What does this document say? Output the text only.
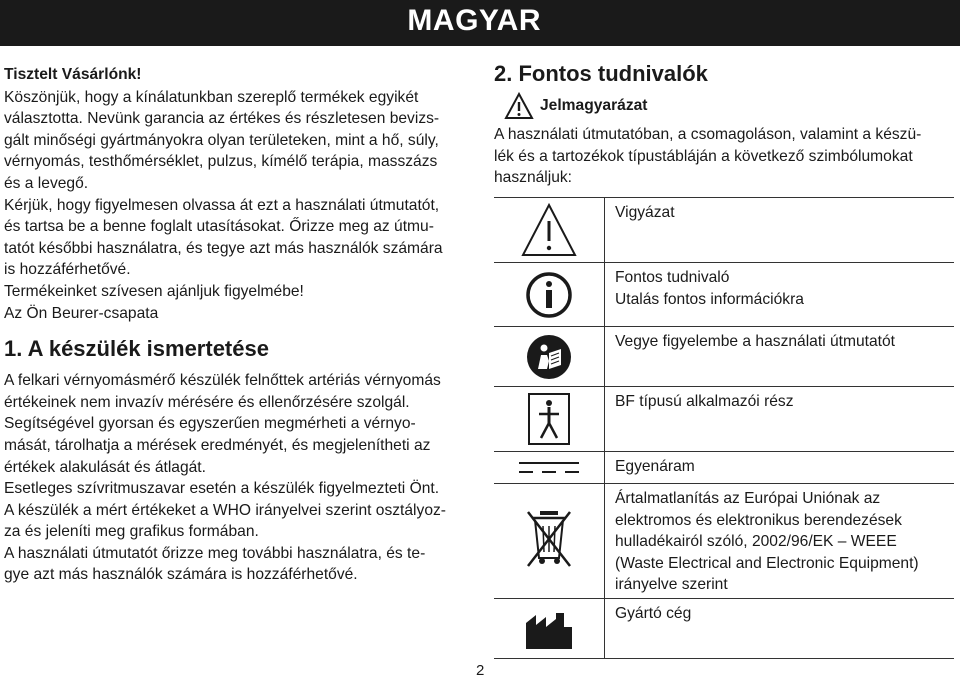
MAGYAR

Tisztelt Vásárlónk!

Köszönjük, hogy a kínálatunkban szereplő termékek egyikét
választotta. Nevünk garancia az értékes és részletesen bevizs-
gált minőségi gyártmányokra olyan területeken, mint a hő, súly,
vérnyomás, testhőmérséklet, pulzus, kímélő terápia, masszázs
és a levegő.

Kérjük, hogy figyelmesen olvassa át ezt a használati útmutatót,
és tartsa be a benne foglalt utasításokat. Őrizze meg az útmu-
tatót későbbi használatra, és tegye azt más használók számára
is hozzáférhetővé.

Termékeinket szívesen ajánljuk figyelmébe!

Az Ön Beurer-csapata

1. A készülék ismertetése

A felkari vérnyomásmérő készülék felnőttek artériás vérnyomás
értékeinek nem invazív mérésére és ellenőrzésére szolgál.
Segítségével gyorsan és egyszerűen megmérheti a vérnyo-
mását, tárolhatja a mérések eredményét, és megjelenítheti az
értékek alakulását és átlagát.
Esetleges szívritmuszavar esetén a készülék figyelmezteti Önt.
A készülék a mért értékeket a WHO irányelvei szerint osztályoz-
za és jeleníti meg grafikus formában.
A használati útmutatót őrizze meg további használatra, és te-
gye azt más használók számára is hozzáférhetővé.

2. Fontos tudnivalók

Jelmagyarázat

A használati útmutatóban, a csomagoláson, valamint a készü-
lék és a tartozékok típustábláján a következő szimbólumokat
használjuk:

Vigyázat

Fontos tudnivaló
Utalás fontos információkra

Vegye figyelembe a használati útmutatót

BF típusú alkalmazói rész

Egyenáram

Ártalmatlanítás az Európai Uniónak az
elektromos és elektronikus berendezések
hulladékairól szóló, 2002/96/EK – WEEE
(Waste Electrical and Electronic Equipment)
irányelve szerint

Gyártó cég
2
